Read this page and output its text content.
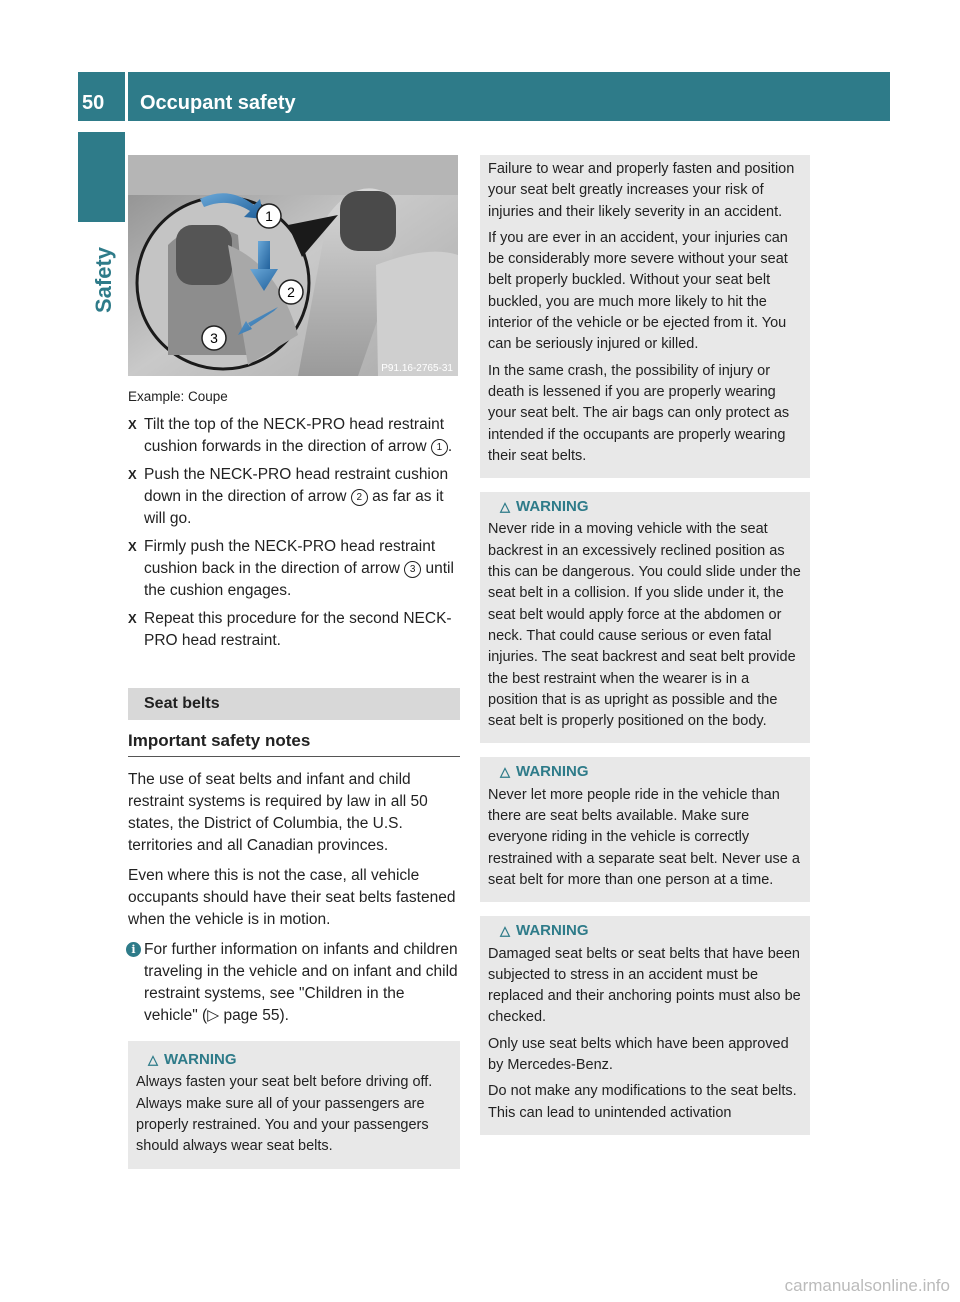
50 Occupant safety
Safety
1
2
3
P91.16-2765-31
Example: Coupe
X Tilt the top of the NECK-PRO head restraint cushion forwards in the direction of arrow 1 .
X Push the NECK-PRO head restraint cushion down in the direction of arrow 2 as far as it will go.
X Firmly push the NECK-PRO head restraint cushion back in the direction of arrow 3 until the cushion engages.
X Repeat this procedure for the second NECK-PRO head restraint.
Seat belts
Important safety notes
The use of seat belts and infant and child restraint systems is required by law in all 50 states, the District of Columbia, the U.S. territories and all Canadian provinces.
Even where this is not the case, all vehicle occupants should have their seat belts fastened when the vehicle is in motion.
i For further information on infants and children traveling in the vehicle and on infant and child restraint systems, see "Children in the vehicle" (▷ page 55).
△ WARNING

Always fasten your seat belt before driving off. Always make sure all of your passengers are properly restrained. You and your passengers should always wear seat belts.

Failure to wear and properly fasten and position your seat belt greatly increases your risk of injuries and their likely severity in an accident.

If you are ever in an accident, your injuries can be considerably more severe without your seat belt properly buckled. Without your seat belt buckled, you are much more likely to hit the interior of the vehicle or be ejected from it. You can be seriously injured or killed.

In the same crash, the possibility of injury or death is lessened if you are properly wearing your seat belt. The air bags can only protect as intended if the occupants are properly wearing their seat belts.

△ WARNING

Never ride in a moving vehicle with the seat backrest in an excessively reclined position as this can be dangerous. You could slide under the seat belt in a collision. If you slide under it, the seat belt would apply force at the abdomen or neck. That could cause serious or even fatal injuries. The seat backrest and seat belt provide the best restraint when the wearer is in a position that is as upright as possible and the seat belt is properly positioned on the body.

△ WARNING

Never let more people ride in the vehicle than there are seat belts available. Make sure everyone riding in the vehicle is correctly restrained with a separate seat belt. Never use a seat belt for more than one person at a time.

△ WARNING

Damaged seat belts or seat belts that have been subjected to stress in an accident must be replaced and their anchoring points must also be checked.

Only use seat belts which have been approved by Mercedes-Benz.

Do not make any modifications to the seat belts. This can lead to unintended activation

carmanualsonline.info
